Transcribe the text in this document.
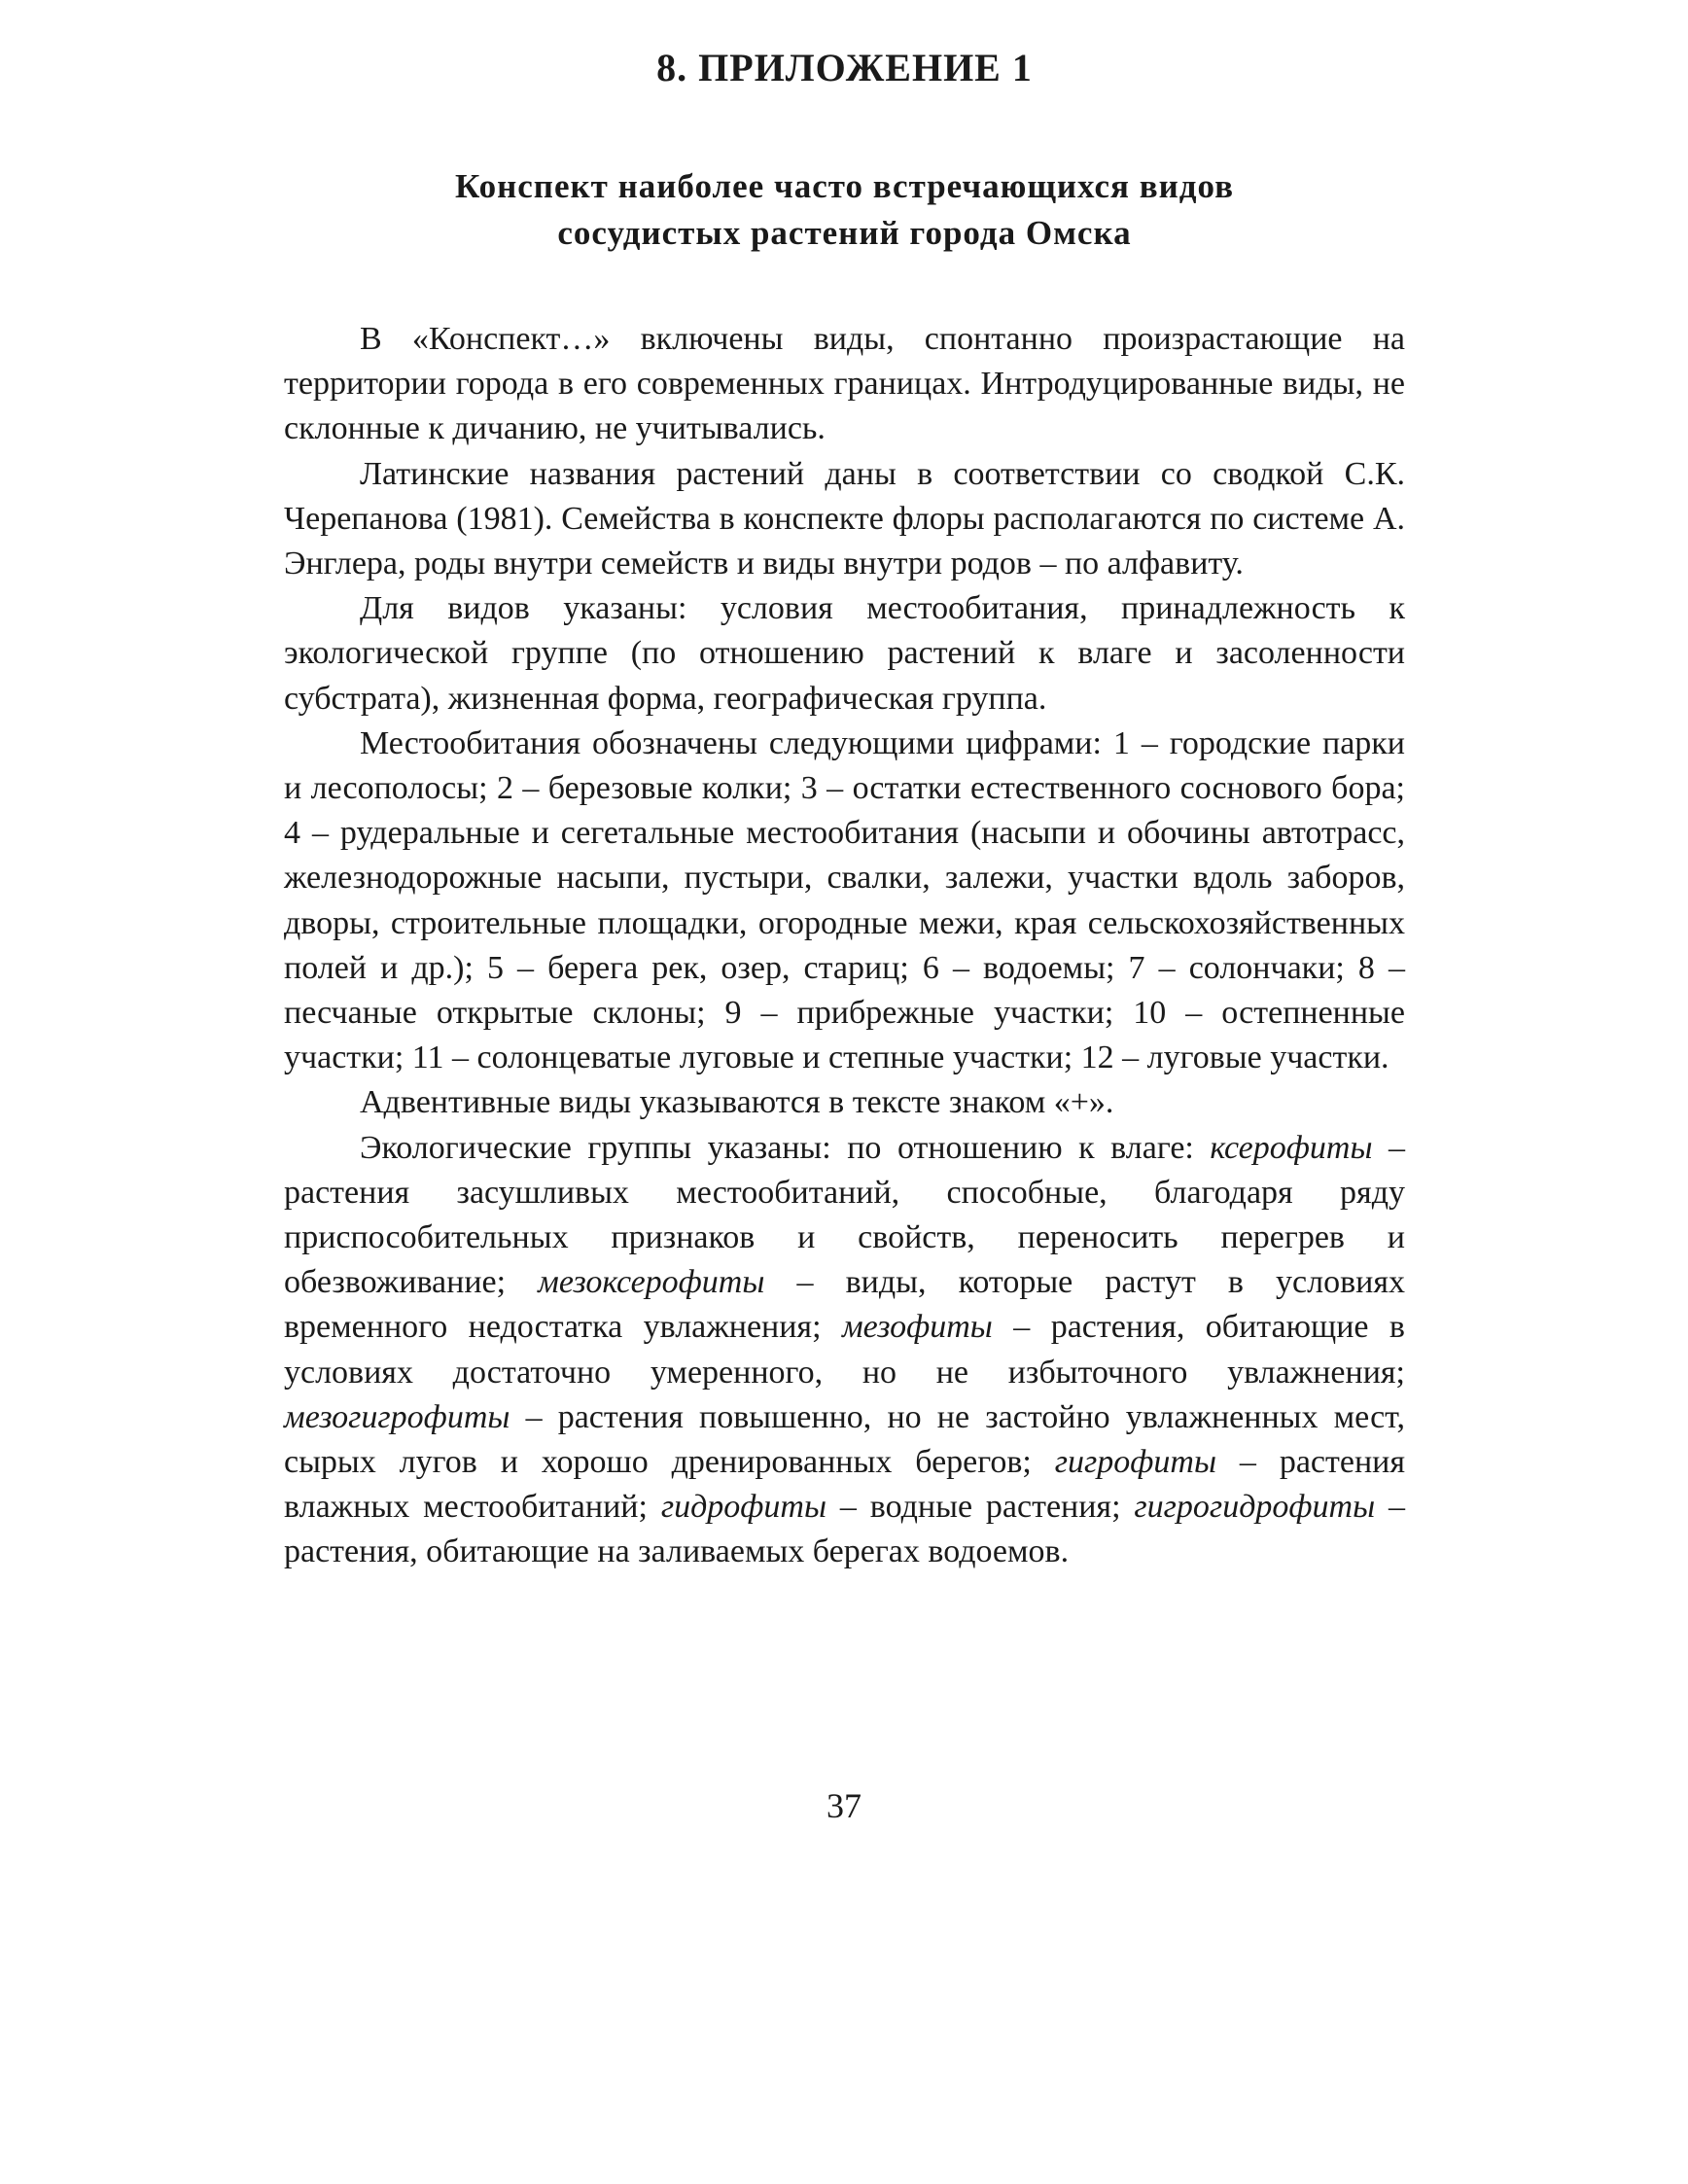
8. ПРИЛОЖЕНИЕ 1
Конспект наиболее часто встречающихся видов
сосудистых растений города Омска

В «Конспект…» включены виды, спонтанно произрастающие на территории города в его современных границах. Интродуцированные виды, не склонные к дичанию, не учитывались.

Латинские названия растений даны в соответствии со сводкой С.К. Черепанова (1981). Семейства в конспекте флоры располагаются по системе А. Энглера, роды внутри семейств и виды внутри родов – по алфавиту.

Для видов указаны: условия местообитания, принадлежность к экологической группе (по отношению растений к влаге и засоленности субстрата), жизненная форма, географическая группа.

Местообитания обозначены следующими цифрами: 1 – городские парки и лесополосы; 2 – березовые колки; 3 – остатки естественного соснового бора; 4 – рудеральные и сегетальные местообитания (насыпи и обочины автотрасс, железнодорожные насыпи, пустыри, свалки, залежи, участки вдоль заборов, дворы, строительные площадки, огородные межи, края сельскохозяйственных полей и др.); 5 – берега рек, озер, стариц; 6 – водоемы; 7 – солончаки; 8 – песчаные открытые склоны; 9 – прибрежные участки; 10 – остепненные участки; 11 – солонцеватые луговые и степные участки; 12 – луговые участки.

Адвентивные виды указываются в тексте знаком «+».

Экологические группы указаны: по отношению к влаге: ксерофиты – растения засушливых местообитаний, способные, благодаря ряду приспособительных признаков и свойств, переносить перегрев и обезвоживание; мезоксерофиты – виды, которые растут в условиях временного недостатка увлажнения; мезофиты – растения, обитающие в условиях достаточно умеренного, но не избыточного увлажнения; мезогигрофиты – растения повышенно, но не застойно увлажненных мест, сырых лугов и хорошо дренированных берегов; гигрофиты – растения влажных местообитаний; гидрофиты – водные растения; гигрогидрофиты – растения, обитающие на заливаемых берегах водоемов.

37
